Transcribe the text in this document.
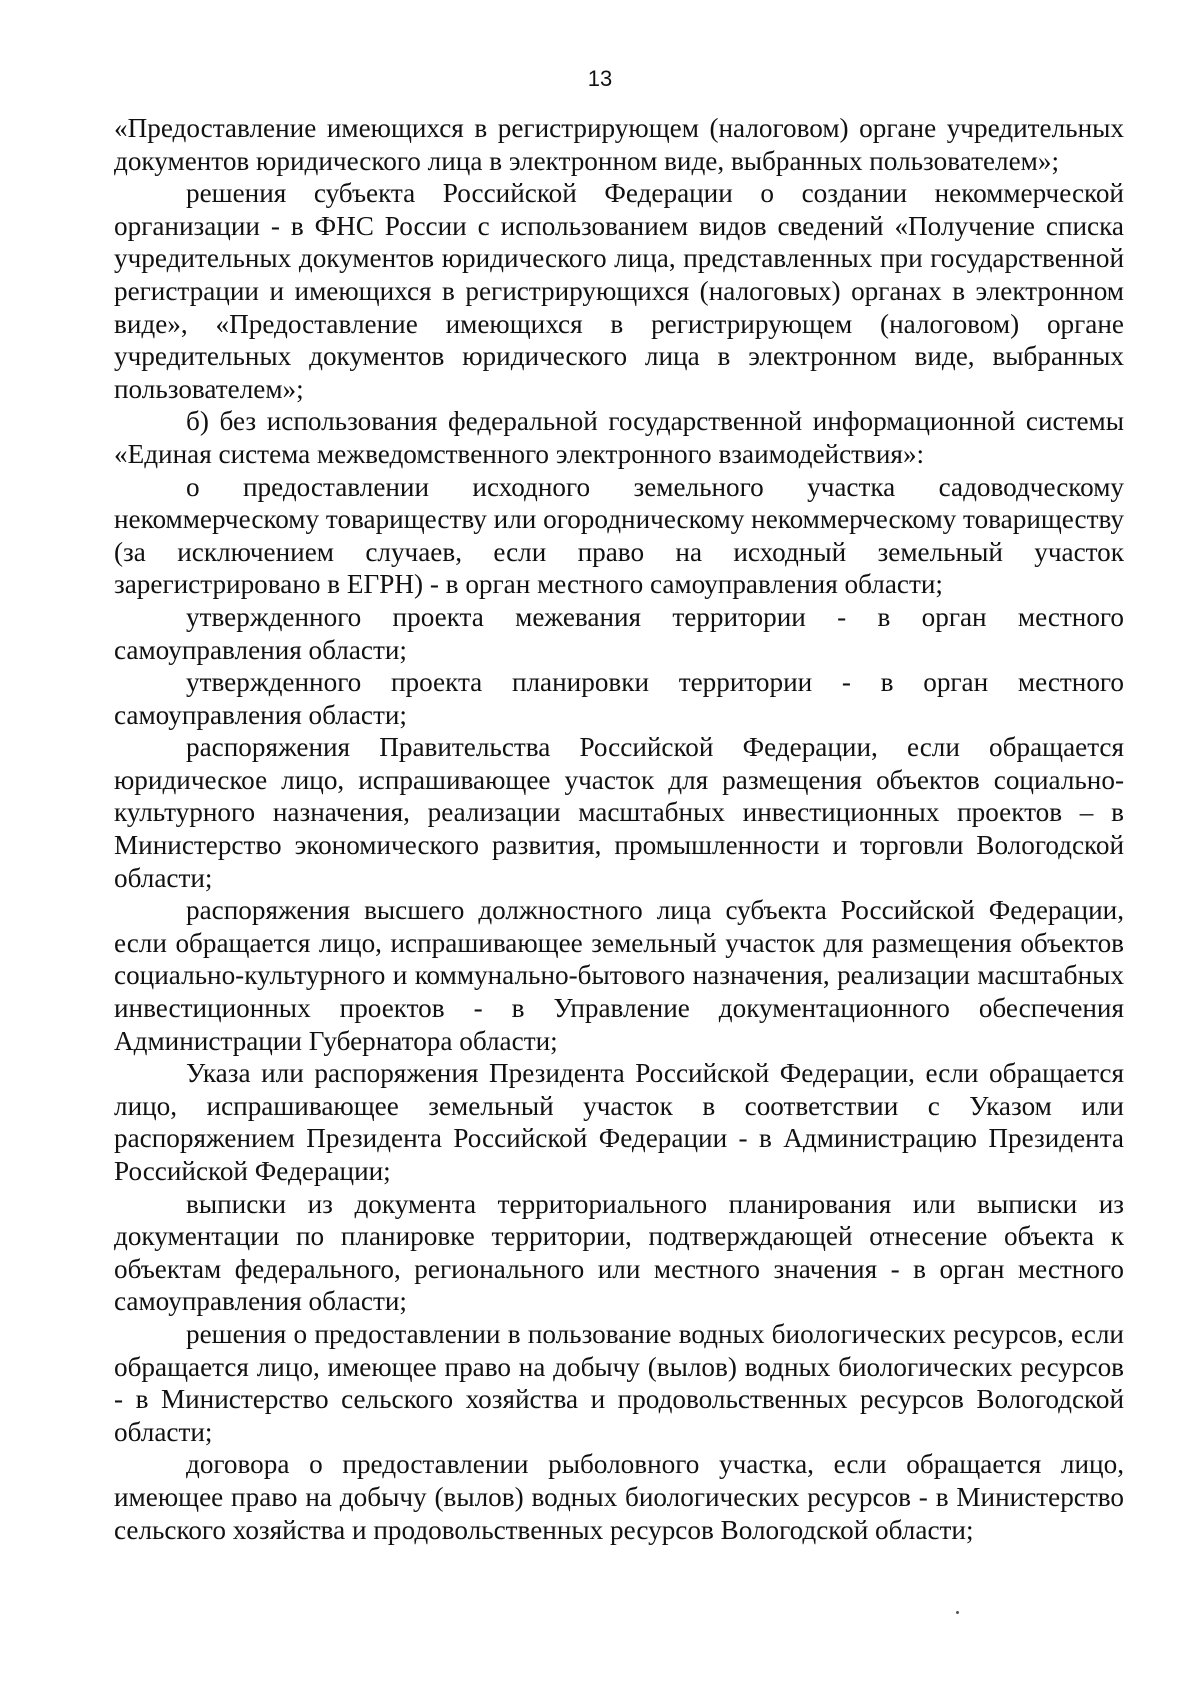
13

«Предоставление имеющихся в регистрирующем (налоговом) органе учредительных документов юридического лица в электронном виде, выбранных пользователем»;

решения субъекта Российской Федерации о создании некоммерческой организации - в ФНС России с использованием видов сведений «Получение списка учредительных документов юридического лица, представленных при государственной регистрации и имеющихся в регистрирующихся (налоговых) органах в электронном виде», «Предоставление имеющихся в регистрирующем (налоговом) органе учредительных документов юридического лица в электронном виде, выбранных пользователем»;

б) без использования федеральной государственной информационной системы «Единая система межведомственного электронного взаимодействия»:

о предоставлении исходного земельного участка садоводческому некоммерческому товариществу или огородническому некоммерческому товариществу (за исключением случаев, если право на исходный земельный участок зарегистрировано в ЕГРН) - в орган местного самоуправления области;

утвержденного проекта межевания территории - в орган местного самоуправления области;

утвержденного проекта планировки территории - в орган местного самоуправления области;

распоряжения Правительства Российской Федерации, если обращается юридическое лицо, испрашивающее участок для размещения объектов социально-культурного назначения, реализации масштабных инвестиционных проектов – в Министерство экономического развития, промышленности и торговли Вологодской области;

распоряжения высшего должностного лица субъекта Российской Федерации, если обращается лицо, испрашивающее земельный участок для размещения объектов социально-культурного и коммунально-бытового назначения, реализации масштабных инвестиционных проектов - в Управление документационного обеспечения Администрации Губернатора области;

Указа или распоряжения Президента Российской Федерации, если обращается лицо, испрашивающее земельный участок в соответствии с Указом или распоряжением Президента Российской Федерации - в Администрацию Президента Российской Федерации;

выписки из документа территориального планирования или выписки из документации по планировке территории, подтверждающей отнесение объекта к объектам федерального, регионального или местного значения - в орган местного самоуправления области;

решения о предоставлении в пользование водных биологических ресурсов, если обращается лицо, имеющее право на добычу (вылов) водных биологических ресурсов - в Министерство сельского хозяйства и продовольственных ресурсов Вологодской области;

договора о предоставлении рыболовного участка, если обращается лицо, имеющее право на добычу (вылов) водных биологических ресурсов - в Министерство сельского хозяйства и продовольственных ресурсов Вологодской области;
